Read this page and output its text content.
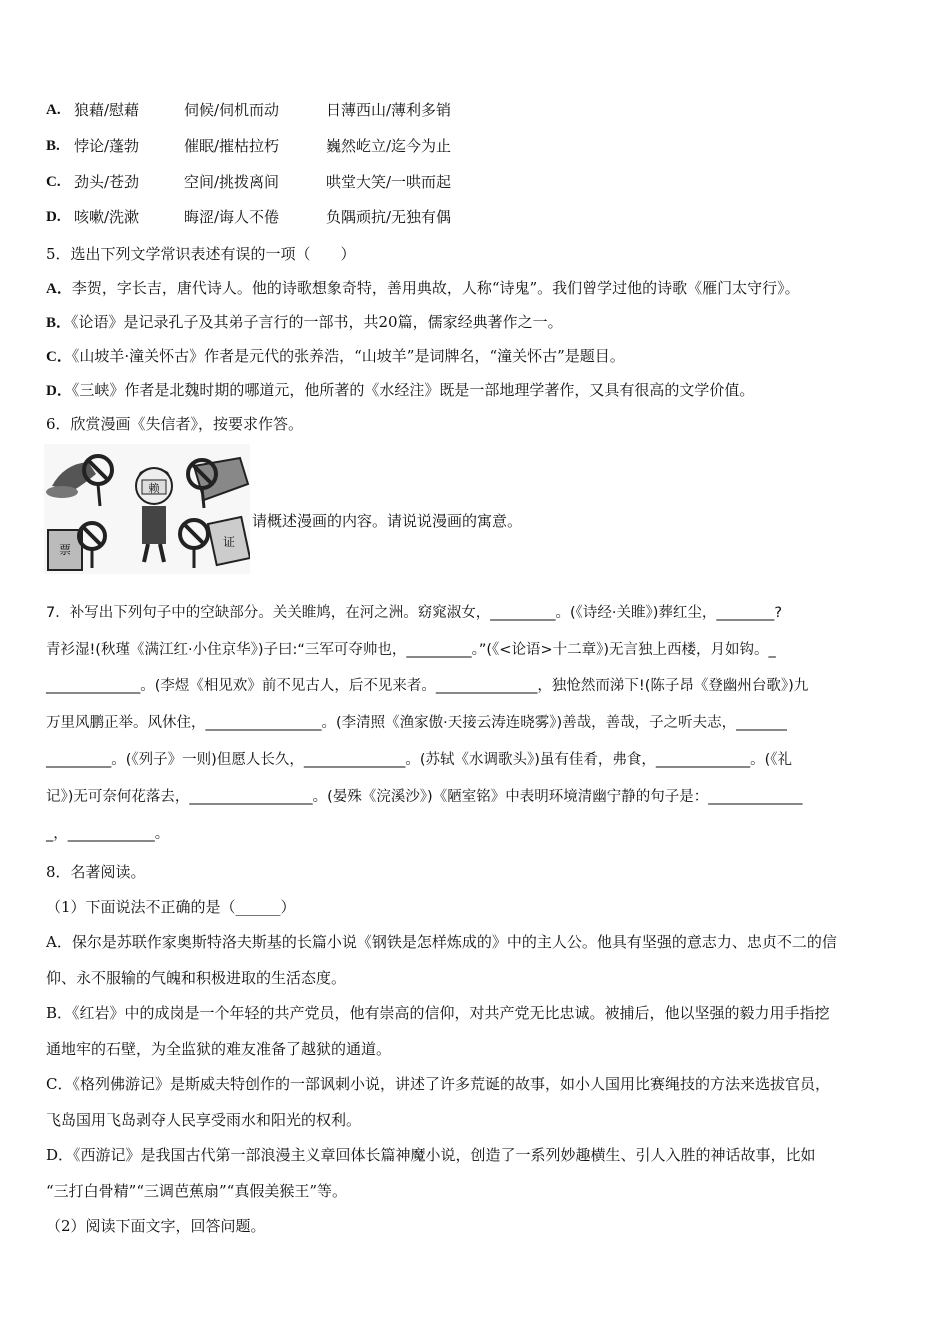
A. 狼藉/慰藉	伺候/伺机而动	日薄西山/薄利多销
B. 悖论/蓬勃	催眠/摧枯拉朽	巍然屹立/迄今为止
C. 劲头/苍劲	空间/挑拨离间	哄堂大笑/一哄而起
D. 咳嗽/洗漱	晦涩/诲人不倦	负隅顽抗/无独有偶
5．选出下列文学常识表述有误的一项（　　）
A．李贺，字长吉，唐代诗人。他的诗歌想象奇特，善用典故，人称“诗鬼”。我们曾学过他的诗歌《雁门太守行》。
B．《论语》是记录孔子及其弟子言行的一部书，共20篇，儒家经典著作之一。
C．《山坡羊·潼关怀古》作者是元代的张养浩，“山坡羊”是词牌名，“潼关怀古”是题目。
D．《三峡》作者是北魏时期的哪道元，他所著的《水经注》既是一部地理学著作，又具有很高的文学价值。
6．欣赏漫画《失信者》，按要求作答。
赖
票
证
请概述漫画的内容。请说说漫画的寓意。
7．补写出下列句子中的空缺部分。关关睢鸠，在河之洲。窈窕淑女，_________。(《诗经·关睢》)葬红尘，________?
青衫湿!(秋瑾《满江红·小住京华》)子曰:“三军可夺帅也，_________。”(《<论语>十二章》)无言独上西楼，月如钩。_
_____________。(李煜《相见欢》前不见古人，后不见来者。______________，独怆然而涕下!(陈子昂《登幽州台歌》)九
万里风鹏正举。风休住，________________。(李清照《渔家傲·天接云涛连晓雾》)善哉，善哉，子之听夫志，_______
_________。(《列子》一则)但愿人长久，______________。(苏轼《水调歌头》)虽有佳肴，弗食，_____________。(《礼
记》)无可奈何花落去，_________________。(晏殊《浣溪沙》)《陋室铭》中表明环境清幽宁静的句子是：_____________
_，____________。
8．名著阅读。
（1）下面说法不正确的是（______）
A．保尔是苏联作家奥斯特洛夫斯基的长篇小说《钢铁是怎样炼成的》中的主人公。他具有坚强的意志力、忠贞不二的信
仰、永不服输的气魄和积极进取的生活态度。
B．《红岩》中的成岗是一个年轻的共产党员，他有崇高的信仰，对共产党无比忠诚。被捕后，他以坚强的毅力用手指挖
通地牢的石壁，为全监狱的难友准备了越狱的通道。
C．《格列佛游记》是斯威夫特创作的一部讽刺小说，讲述了许多荒诞的故事，如小人国用比赛绳技的方法来选拔官员，
飞岛国用飞岛剥夺人民享受雨水和阳光的权利。
D．《西游记》是我国古代第一部浪漫主义章回体长篇神魔小说，创造了一系列妙趣横生、引人入胜的神话故事，比如
“三打白骨精”“三调芭蕉扇”“真假美猴王”等。
（2）阅读下面文字，回答问题。
